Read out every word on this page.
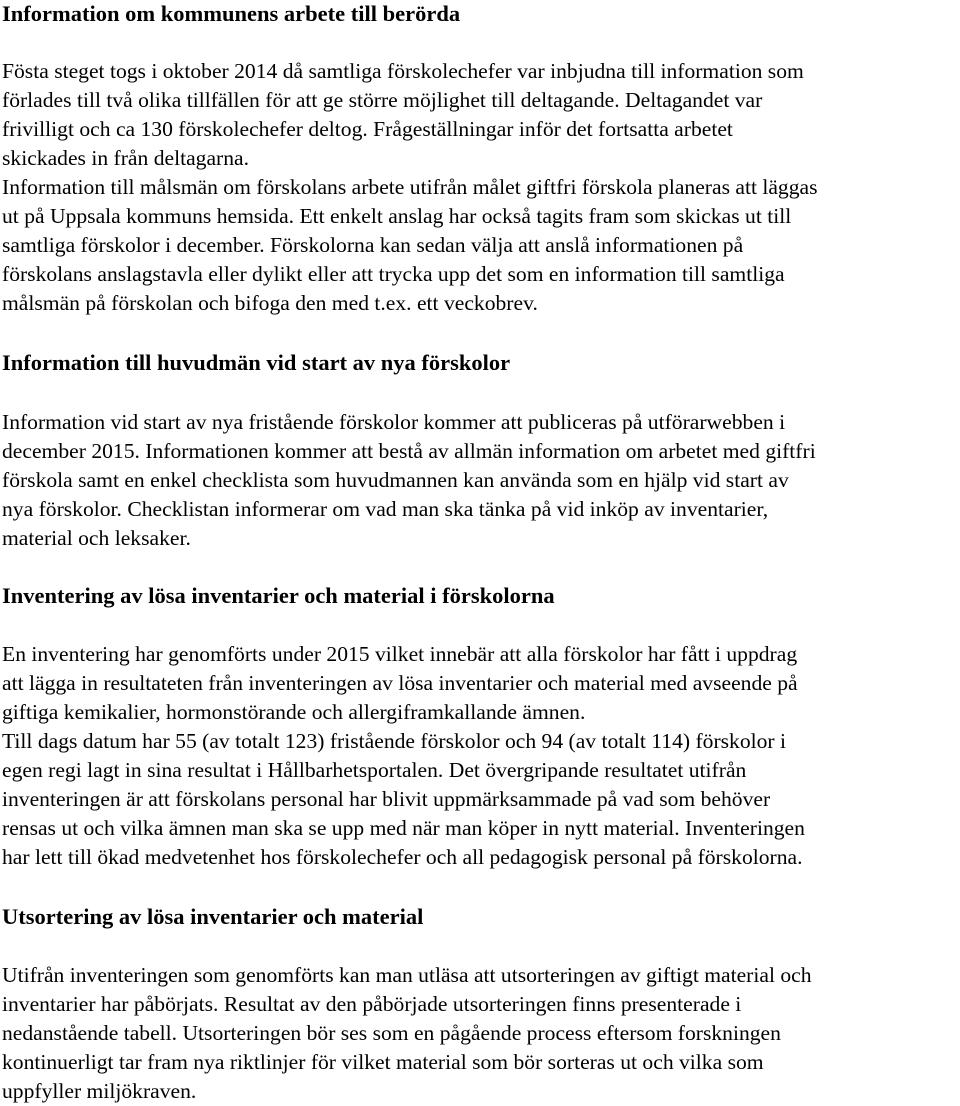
Information om kommunens arbete till berörda

Fösta steget togs i oktober 2014 då samtliga förskolechefer var inbjudna till information som
förlades till två olika tillfällen för att ge större möjlighet till deltagande. Deltagandet var
frivilligt och ca 130 förskolechefer deltog. Frågeställningar inför det fortsatta arbetet
skickades in från deltagarna.
Information till målsmän om förskolans arbete utifrån målet giftfri förskola planeras att läggas
ut på Uppsala kommuns hemsida. Ett enkelt anslag har också tagits fram som skickas ut till
samtliga förskolor i december. Förskolorna kan sedan välja att anslå informationen på
förskolans anslagstavla eller dylikt eller att trycka upp det som en information till samtliga
målsmän på förskolan och bifoga den med t.ex. ett veckobrev.

Information till huvudmän vid start av nya förskolor

Information vid start av nya fristående förskolor kommer att publiceras på utförarwebben i
december 2015. Informationen kommer att bestå av allmän information om arbetet med giftfri
förskola samt en enkel checklista som huvudmannen kan använda som en hjälp vid start av
nya förskolor. Checklistan informerar om vad man ska tänka på vid inköp av inventarier,
material och leksaker.

Inventering av lösa inventarier och material i förskolorna

En inventering har genomförts under 2015 vilket innebär att alla förskolor har fått i uppdrag
att lägga in resultateten från inventeringen av lösa inventarier och material med avseende på
giftiga kemikalier, hormonstörande och allergiframkallande ämnen.
Till dags datum har 55 (av totalt 123) fristående förskolor och 94 (av totalt 114) förskolor i
egen regi lagt in sina resultat i Hållbarhetsportalen. Det övergripande resultatet utifrån
inventeringen är att förskolans personal har blivit uppmärksammade på vad som behöver
rensas ut och vilka ämnen man ska se upp med när man köper in nytt material. Inventeringen
har lett till ökad medvetenhet hos förskolechefer och all pedagogisk personal på förskolorna.

Utsortering av lösa inventarier och material

Utifrån inventeringen som genomförts kan man utläsa att utsorteringen av giftigt material och
inventarier har påbörjats. Resultat av den påbörjade utsorteringen finns presenterade i
nedanstående tabell. Utsorteringen bör ses som en pågående process eftersom forskningen
kontinuerligt tar fram nya riktlinjer för vilket material som bör sorteras ut och vilka som
uppfyller miljökraven.
